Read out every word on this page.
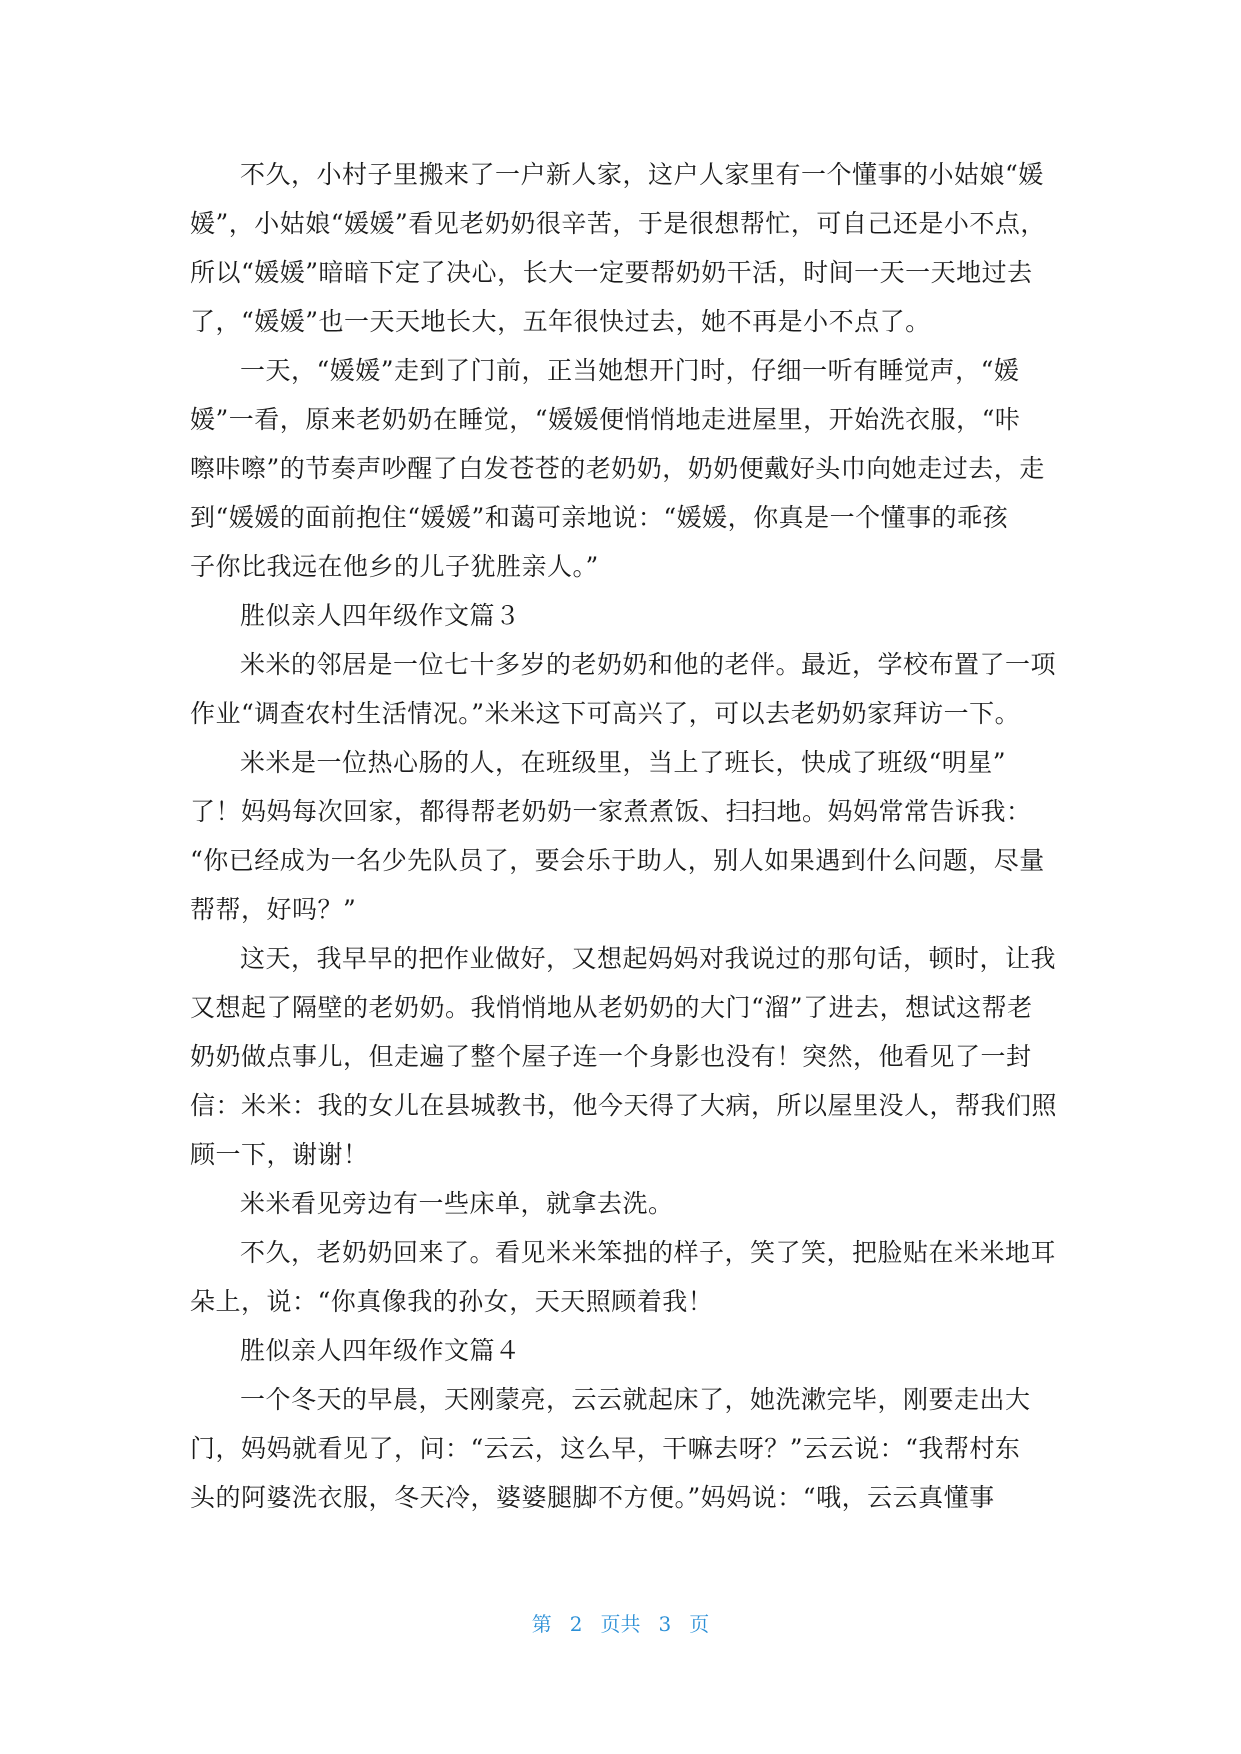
不久，小村子里搬来了一户新人家，这户人家里有一个懂事的小姑娘“媛
媛”，小姑娘“媛媛”看见老奶奶很辛苦，于是很想帮忙，可自己还是小不点，
所以“媛媛”暗暗下定了决心，长大一定要帮奶奶干活，时间一天一天地过去
了，“媛媛”也一天天地长大，五年很快过去，她不再是小不点了。
一天，“媛媛”走到了门前，正当她想开门时，仔细一听有睡觉声，“媛
媛”一看，原来老奶奶在睡觉，“媛媛便悄悄地走进屋里，开始洗衣服，“咔
嚓咔嚓”的节奏声吵醒了白发苍苍的老奶奶，奶奶便戴好头巾向她走过去，走
到“媛媛的面前抱住“媛媛”和蔼可亲地说：“媛媛，你真是一个懂事的乖孩
子你比我远在他乡的儿子犹胜亲人。”
胜似亲人四年级作文篇３
米米的邻居是一位七十多岁的老奶奶和他的老伴。最近，学校布置了一项
作业“调查农村生活情况。”米米这下可高兴了，可以去老奶奶家拜访一下。
米米是一位热心肠的人，在班级里，当上了班长，快成了班级“明星”
了！妈妈每次回家，都得帮老奶奶一家煮煮饭、扫扫地。妈妈常常告诉我：
“你已经成为一名少先队员了，要会乐于助人，别人如果遇到什么问题，尽量
帮帮，好吗？”
这天，我早早的把作业做好，又想起妈妈对我说过的那句话，顿时，让我
又想起了隔壁的老奶奶。我悄悄地从老奶奶的大门“溜”了进去，想试这帮老
奶奶做点事儿，但走遍了整个屋子连一个身影也没有！突然，他看见了一封
信：米米：我的女儿在县城教书，他今天得了大病，所以屋里没人，帮我们照
顾一下，谢谢！
米米看见旁边有一些床单，就拿去洗。
不久，老奶奶回来了。看见米米笨拙的样子，笑了笑，把脸贴在米米地耳
朵上，说：“你真像我的孙女，天天照顾着我！
胜似亲人四年级作文篇４
一个冬天的早晨，天刚蒙亮，云云就起床了，她洗漱完毕，刚要走出大
门，妈妈就看见了，问：“云云，这么早，干嘛去呀？”云云说：“我帮村东
头的阿婆洗衣服，冬天冷，婆婆腿脚不方便。”妈妈说：“哦，云云真懂事
第 2 页共 3 页
